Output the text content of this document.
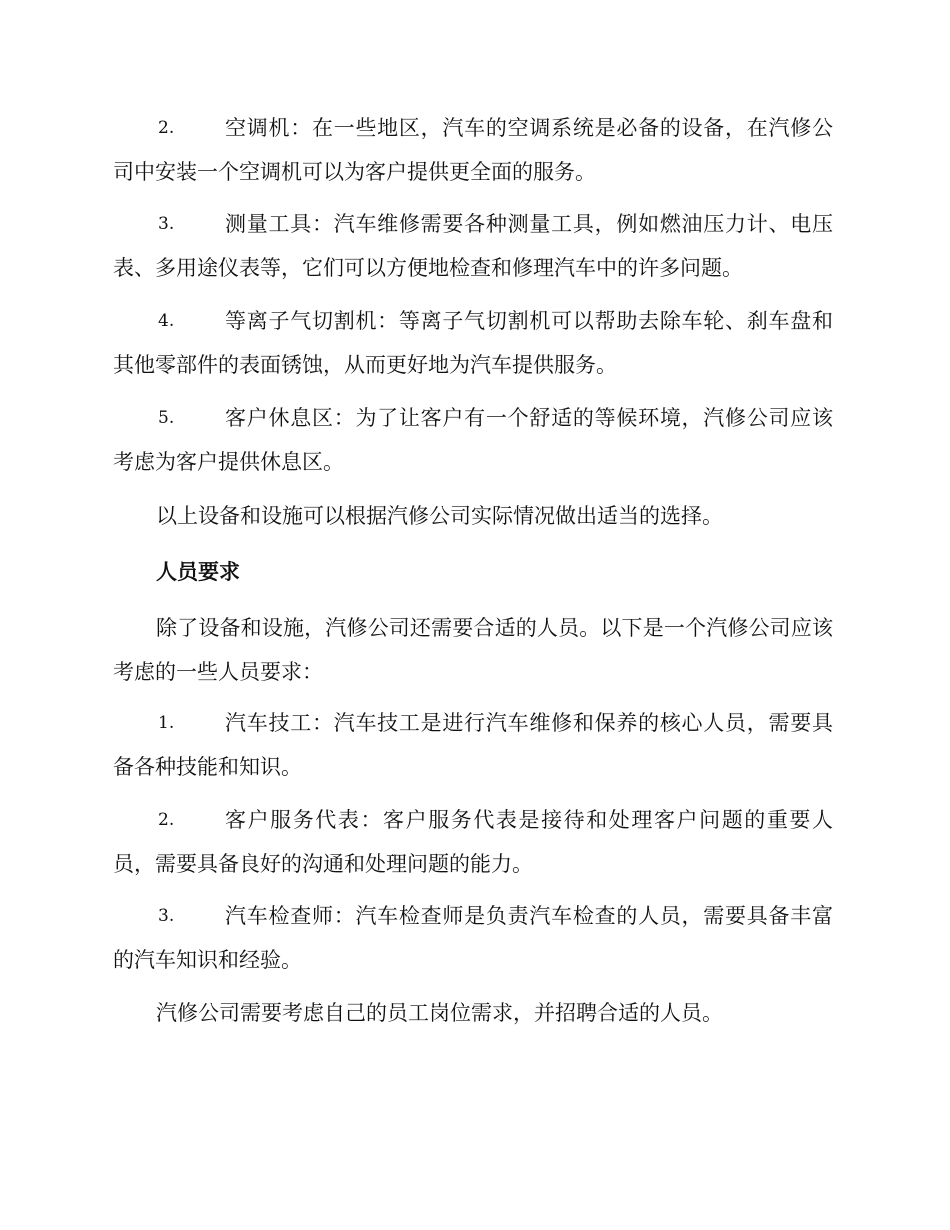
2.	空调机：在一些地区，汽车的空调系统是必备的设备，在汽修公司中安装一个空调机可以为客户提供更全面的服务。
3.	测量工具：汽车维修需要各种测量工具，例如燃油压力计、电压表、多用途仪表等，它们可以方便地检查和修理汽车中的许多问题。
4.	等离子气切割机：等离子气切割机可以帮助去除车轮、刹车盘和其他零部件的表面锈蚀，从而更好地为汽车提供服务。
5.	客户休息区：为了让客户有一个舒适的等候环境，汽修公司应该考虑为客户提供休息区。
以上设备和设施可以根据汽修公司实际情况做出适当的选择。
人员要求
除了设备和设施，汽修公司还需要合适的人员。以下是一个汽修公司应该考虑的一些人员要求：
1.	汽车技工：汽车技工是进行汽车维修和保养的核心人员，需要具备各种技能和知识。
2.	客户服务代表：客户服务代表是接待和处理客户问题的重要人员，需要具备良好的沟通和处理问题的能力。
3.	汽车检查师：汽车检查师是负责汽车检查的人员，需要具备丰富的汽车知识和经验。
汽修公司需要考虑自己的员工岗位需求，并招聘合适的人员。
